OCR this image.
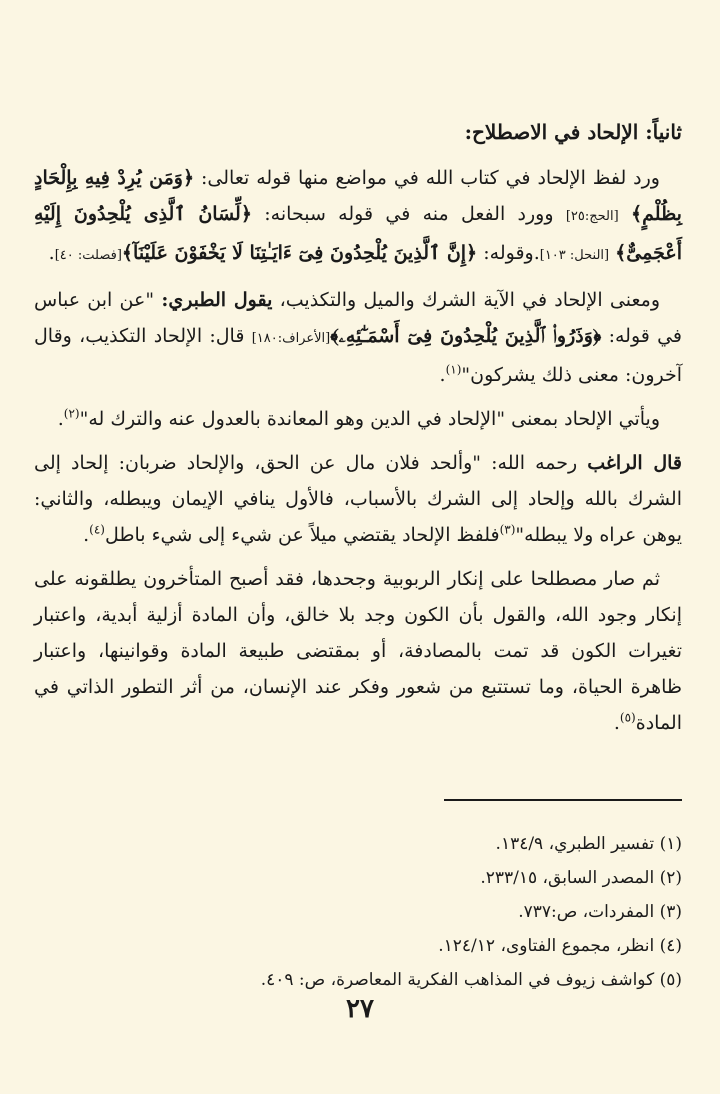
ثانياً: الإلحاد في الاصطلاح:

ورد لفظ الإلحاد في كتاب الله في مواضع منها قوله تعالى: ﴿وَمَن يُرِدْ فِيهِ بِإِلْحَادٍ بِظُلْمٍ﴾ [الحج:٢٥] وورد الفعل منه في قوله سبحانه: ﴿لِّسَانُ ٱلَّذِى يُلْحِدُونَ إِلَيْهِ أَعْجَمِىٌّ﴾ [النحل: ١٠٣].وقوله: ﴿إِنَّ ٱلَّذِينَ يُلْحِدُونَ فِىٓ ءَايَـٰتِنَا لَا يَخْفَوْنَ عَلَيْنَآ﴾[فصلت: ٤٠].

ومعنى الإلحاد في الآية الشرك والميل والتكذيب، يقول الطبري: "عن ابن عباس في قوله: ﴿وَذَرُوا۟ ٱلَّذِينَ يُلْحِدُونَ فِىٓ أَسْمَـٰٓئِهِۦ﴾[الأعراف:١٨٠] قال: الإلحاد التكذيب، وقال آخرون: معنى ذلك يشركون"$^{(١)}$.

ويأتي الإلحاد بمعنى "الإلحاد في الدين وهو المعاندة بالعدول عنه والترك له"$^{(٢)}$.

قال الراغب رحمه الله: "وألحد فلان مال عن الحق، والإلحاد ضربان: إلحاد إلى الشرك بالله وإلحاد إلى الشرك بالأسباب، فالأول ينافي الإيمان ويبطله، والثاني: يوهن عراه ولا يبطله"$^{(٣)}$فلفظ الإلحاد يقتضي ميلاً عن شيء إلى شيء باطل$^{(٤)}$.

ثم صار مصطلحا على إنكار الربوبية وجحدها، فقد أصبح المتأخرون يطلقونه على إنكار وجود الله، والقول بأن الكون وجد بلا خالق، وأن المادة أزلية أبدية، واعتبار تغيرات الكون قد تمت بالمصادفة، أو بمقتضى طبيعة المادة وقوانينها، واعتبار ظاهرة الحياة، وما تستتبع من شعور وفكر عند الإنسان، من أثر التطور الذاتي في المادة$^{(٥)}$.

(١) تفسير الطبري، ١٣٤/٩.
(٢) المصدر السابق، ٢٣٣/١٥.
(٣) المفردات، ص:٧٣٧.
(٤) انظر، مجموع الفتاوى، ١٢٤/١٢.
(٥) كواشف زيوف في المذاهب الفكرية المعاصرة، ص: ٤٠٩.
٢٧
